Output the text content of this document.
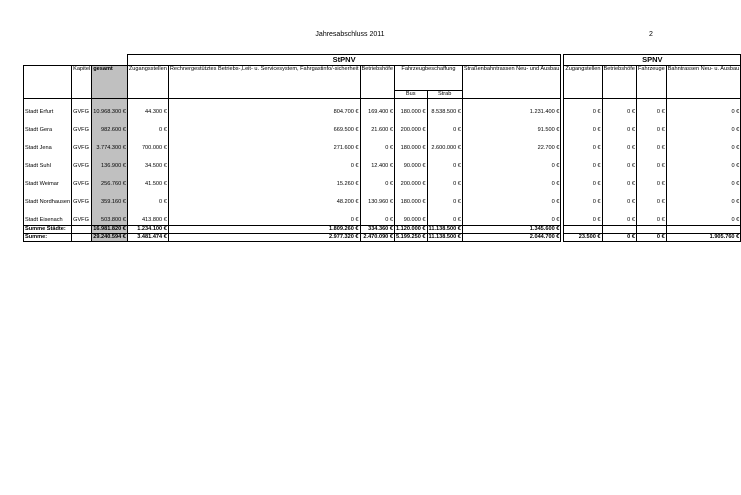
Jahresabschluss 2011	2
			StPNV							SPNV			
	Kapitel	gesamt	Zugangsstellen	Rechnergestütztes Betriebs-,Leit- u. Servicesystem, Fahrgastinfo/-sicherheit	Betriebshöfe	Fahrzeugbeschaffung		Straßenbahntrassen Neu- und Ausbau		Zugangstellen	Betriebshöfe	Fahrzeuge	Bahntrassen Neu- u. Ausbau
						Bus	Strab						

Stadt Erfurt	GVFG	10.968.300 €	44.300 €	804.700 €	169.400 €	180.000 €	8.538.500 €	1.231.400 €		0 €	0 €	0 €	0 €

Stadt Gera	GVFG	982.600 €	0 €	669.500 €	21.600 €	200.000 €	0 €	91.500 €		0 €	0 €	0 €	0 €

Stadt Jena	GVFG	3.774.300 €	700.000 €	271.600 €	0 €	180.000 €	2.600.000 €	22.700 €		0 €	0 €	0 €	0 €

Stadt Suhl	GVFG	136.900 €	34.500 €	0 €	12.400 €	90.000 €	0 €	0 €		0 €	0 €	0 €	0 €

Stadt Weimar	GVFG	256.760 €	41.500 €	15.260 €	0 €	200.000 €	0 €	0 €		0 €	0 €	0 €	0 €

Stadt Nordhausen	GVFG	359.160 €	0 €	48.200 €	130.960 €	180.000 €	0 €	0 €		0 €	0 €	0 €	0 €

Stadt Eisenach	GVFG	503.800 €	413.800 €	0 €	0 €	90.000 €	0 €	0 €		0 €	0 €	0 €	0 €
Summe Städte:		16.981.820 €	1.234.100 €	1.809.260 €	334.360 €	1.120.000 €	11.138.500 €	1.345.600 €					
Summe:		29.240.594 €	3.481.474 €	2.977.320 €	2.470.090 €	5.199.250 €	11.138.500 €	2.044.700 €		23.500 €	0 €	0 €	1.905.760 €
